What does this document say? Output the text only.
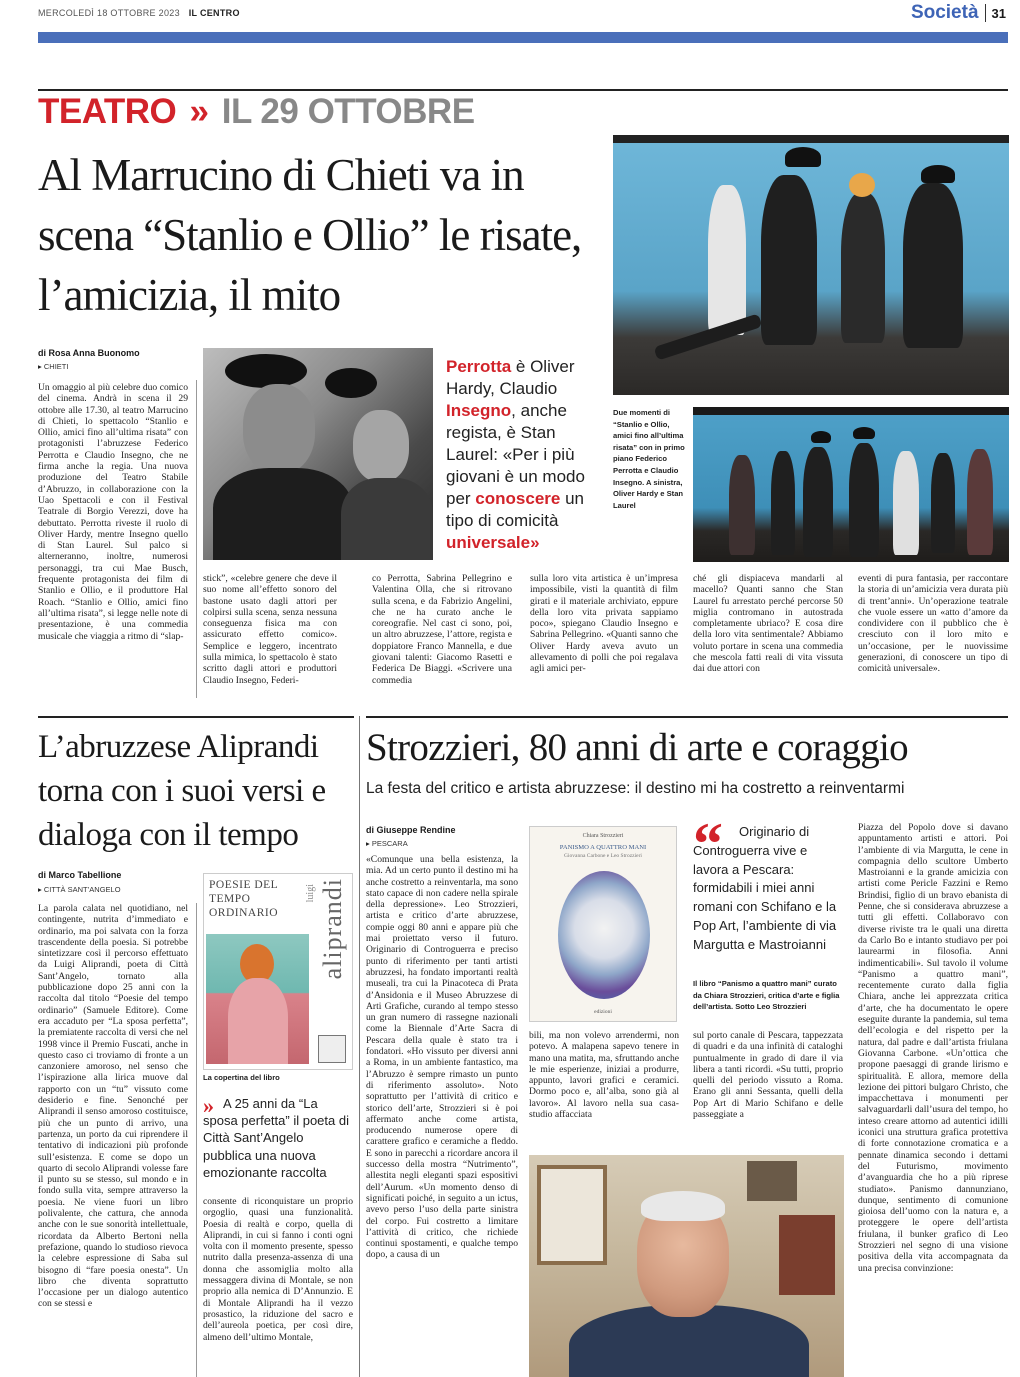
MERCOLEDÌ 18 OTTOBRE 2023 IL CENTRO	Società 31
TEATRO » IL 29 OTTOBRE
Al Marrucino di Chieti va in scena “Stanlio e Ollio” le risate, l’amicizia, il mito
di Rosa Anna Buonomo
▸ CHIETI
Un omaggio al più celebre duo comico del cinema. Andrà in scena il 29 ottobre alle 17.30, al teatro Marrucino di Chieti, lo spettacolo “Stanlio e Ollio, amici fino all’ultima risata” con protagonisti l’abruzzese Federico Perrotta e Claudio Insegno, che ne firma anche la regia. Una nuova produzione del Teatro Stabile d’Abruzzo, in collaborazione con la Uao Spettacoli e con il Festival Teatrale di Borgio Verezzi, dove ha debuttato. Perrotta riveste il ruolo di Oliver Hardy, mentre Insegno quello di Stan Laurel. Sul palco si alterneranno, inoltre, numerosi personaggi, tra cui Mae Busch, frequente protagonista dei film di Stanlio e Ollio, e il produttore Hal Roach. “Stanlio e Ollio, amici fino all’ultima risata”, si legge nelle note di presentazione, è una commedia musicale che viaggia a ritmo di “slap-
Perrotta è Oliver Hardy, Claudio Insegno, anche regista, è Stan Laurel: «Per i più giovani è un modo per conoscere un tipo di comicità universale»
Due momenti di “Stanlio e Ollio, amici fino all’ultima risata” con in primo piano Federico Perrotta e Claudio Insegno. A sinistra, Oliver Hardy e Stan Laurel
stick”, «celebre genere che deve il suo nome all’effetto sonoro del bastone usato dagli attori per colpirsi sulla scena, senza nessuna conseguenza fisica ma con assicurato effetto comico». Semplice e leggero, incentrato sulla mimica, lo spettacolo è stato scritto dagli attori e produttori Claudio Insegno, Federi-
co Perrotta, Sabrina Pellegrino e Valentina Olla, che si ritrovano sulla scena, e da Fabrizio Angelini, che ne ha curato anche le coreografie. Nel cast ci sono, poi, un altro abruzzese, l’attore, regista e doppiatore Franco Mannella, e due giovani talenti: Giacomo Rasetti e Federica De Biaggi. «Scrivere una commedia
sulla loro vita artistica è un’impresa impossibile, visti la quantità di film girati e il materiale archiviato, eppure della loro vita privata sappiamo poco», spiegano Claudio Insegno e Sabrina Pellegrino. «Quanti sanno che Oliver Hardy aveva avuto un allevamento di polli che poi regalava agli amici per-
ché gli dispiaceva mandarli al macello? Quanti sanno che Stan Laurel fu arrestato perché percorse 50 miglia contromano in autostrada completamente ubriaco? E cosa dire della loro vita sentimentale? Abbiamo voluto portare in scena una commedia che mescola fatti reali di vita vissuta dai due attori con
eventi di pura fantasia, per raccontare la storia di un’amicizia vera durata più di trent’anni». Un’operazione teatrale che vuole essere un «atto d’amore da condividere con il pubblico che è cresciuto con il loro mito e un’occasione, per le nuovissime generazioni, di conoscere un tipo di comicità universale».
L’abruzzese Aliprandi torna con i suoi versi e dialoga con il tempo
di Marco Tabellione
▸ CITTÀ SANT’ANGELO
La parola calata nel quotidiano, nel contingente, nutrita d’immediato e ordinario, ma poi salvata con la forza trascendente della poesia. Si potrebbe sintetizzare così il percorso effettuato da Luigi Aliprandi, poeta di Città Sant’Angelo, tornato alla pubblicazione dopo 25 anni con la raccolta dal titolo “Poesie del tempo ordinario” (Samuele Editore). Come era accaduto per “La sposa perfetta”, la premiatente raccolta di versi che nel 1998 vince il Premio Fuscati, anche in questo caso ci troviamo di fronte a un canzoniere amoroso, nel senso che l’ispirazione alla lirica muove dal rapporto con un “tu” vissuto come desiderio e fine. Senonché per Aliprandi il senso amoroso costituisce, più che un punto di arrivo, una partenza, un porto da cui riprendere il tentativo di indicazioni più profonde sull’esistenza. E come se dopo un quarto di secolo Aliprandi volesse fare il punto su se stesso, sul mondo e in fondo sulla vita, sempre attraverso la poesia. Ne viene fuori un libro polivalente, che cattura, che annoda anche con le sue sonorità intellettuale, ricordata da Alberto Bertoni nella prefazione, quando lo studioso rievoca la celebre espressione di Saba sul bisogno di “fare poesia onesta”. Un libro che diventa soprattutto l’occasione per un dialogo autentico con se stessi e
POESIE DEL TEMPO ORDINARIO aliprandi
luigi
La copertina del libro
» A 25 anni da “La sposa perfetta” il poeta di Città Sant’Angelo pubblica una nuova emozionante raccolta
consente di riconquistare un proprio orgoglio, quasi una funzionalità. Poesia di realtà e corpo, quella di Aliprandi, in cui si fanno i conti ogni volta con il momento presente, spesso nutrito dalla presenza-assenza di una donna che assomiglia molto alla messaggera divina di Montale, se non proprio alla nemica di D’Annunzio. E di Montale Aliprandi ha il vezzo prosastico, la riduzione del sacro e dell’aureola poetica, per così dire, almeno dell’ultimo Montale,
Strozzieri, 80 anni di arte e coraggio
La festa del critico e artista abruzzese: il destino mi ha costretto a reinventarmi
di Giuseppe Rendine
▸ PESCARA
«Comunque una bella esistenza, la mia. Ad un certo punto il destino mi ha anche costretto a reinventarla, ma sono stato capace di non cadere nella spirale della depressione». Leo Strozzieri, artista e critico d’arte abruzzese, compie oggi 80 anni e appare più che mai proiettato verso il futuro. Originario di Controguerra e preciso punto di riferimento per tanti artisti abruzzesi, ha fondato importanti realtà museali, tra cui la Pinacoteca di Prata d’Ansidonia e il Museo Abruzzese di Arti Grafiche, curando al tempo stesso un gran numero di rassegne nazionali come la Biennale d’Arte Sacra di Pescara della quale è stato tra i fondatori. «Ho vissuto per diversi anni a Roma, in un ambiente fantastico, ma l’Abruzzo è sempre rimasto un punto di riferimento assoluto». Noto soprattutto per l’attività di critico e storico dell’arte, Strozzieri si è poi affermato anche come artista, producendo numerose opere di carattere grafico e ceramiche a fleddo. E sono in parecchi a ricordare ancora il successo della mostra “Nutrimento”, allestita negli eleganti spazi espositivi dell’Aurum. «Un momento denso di significati poiché, in seguito a un ictus, avevo perso l’uso della parte sinistra del corpo. Fui costretto a limitare l’attività di critico, che richiede continui spostamenti, e qualche tempo dopo, a causa di un
Chiara Strozzieri
PANISMO A QUATTRO MANI
Giovanna Carbone e Leo Strozzieri
edizioni
“	Originario di Controguerra vive e lavora a Pescara: formidabili i miei anni romani con Schifano e la Pop Art, l’ambiente di via Margutta e Mastroianni
Il libro “Panismo a quattro mani” curato da Chiara Strozzieri, critica d’arte e figlia dell’artista. Sotto Leo Strozzieri
bili, ma non volevo arrendermi, non potevo. A malapena sapevo tenere in mano una matita, ma, sfruttando anche le mie esperienze, iniziai a produrre, appunto, lavori grafici e ceramici. Dormo poco e, all’alba, sono già al lavoro». Al lavoro nella sua casa-studio affacciata
sul porto canale di Pescara, tappezzata di quadri e da una infinità di cataloghi puntualmente in grado di dare il via libera a tanti ricordi. «Su tutti, proprio quelli del periodo vissuto a Roma. Erano gli anni Sessanta, quelli della Pop Art di Mario Schifano e delle passeggiate a
Piazza del Popolo dove si davano appuntamento artisti e attori. Poi l’ambiente di via Margutta, le cene in compagnia dello scultore Umberto Mastroianni e la grande amicizia con artisti come Pericle Fazzini e Remo Brindisi, figlio di un bravo ebanista di Penne, che si considerava abruzzese a tutti gli effetti. Collaboravo con diverse riviste tra le quali una diretta da Carlo Bo e intanto studiavo per poi laurearmi in filosofia. Anni indimenticabili». Sul tavolo il volume “Panismo a quattro mani”, recentemente curato dalla figlia Chiara, anche lei apprezzata critica d’arte, che ha documentato le opere eseguite durante la pandemia, sul tema dell’ecologia e del rispetto per la natura, dal padre e dall’artista friulana Giovanna Carbone. «Un’ottica che propone paesaggi di grande lirismo e spiritualità. E allora, memore della lezione dei pittori bulgaro Christo, che impacchettava i monumenti per salvaguardarli dall’usura del tempo, ho inteso creare attorno ad autentici idilli iconici una struttura grafica protettiva di forte connotazione cromatica e a pennate dinamica secondo i dettami del Futurismo, movimento d’avanguardia che ho a più riprese studiato». Panismo dannunziano, dunque, sentimento di comunione gioiosa dell’uomo con la natura e, a proteggere le opere dell’artista friulana, il bunker grafico di Leo Strozzieri nel segno di una visione positiva della vita accompagnata da una precisa convinzione:
